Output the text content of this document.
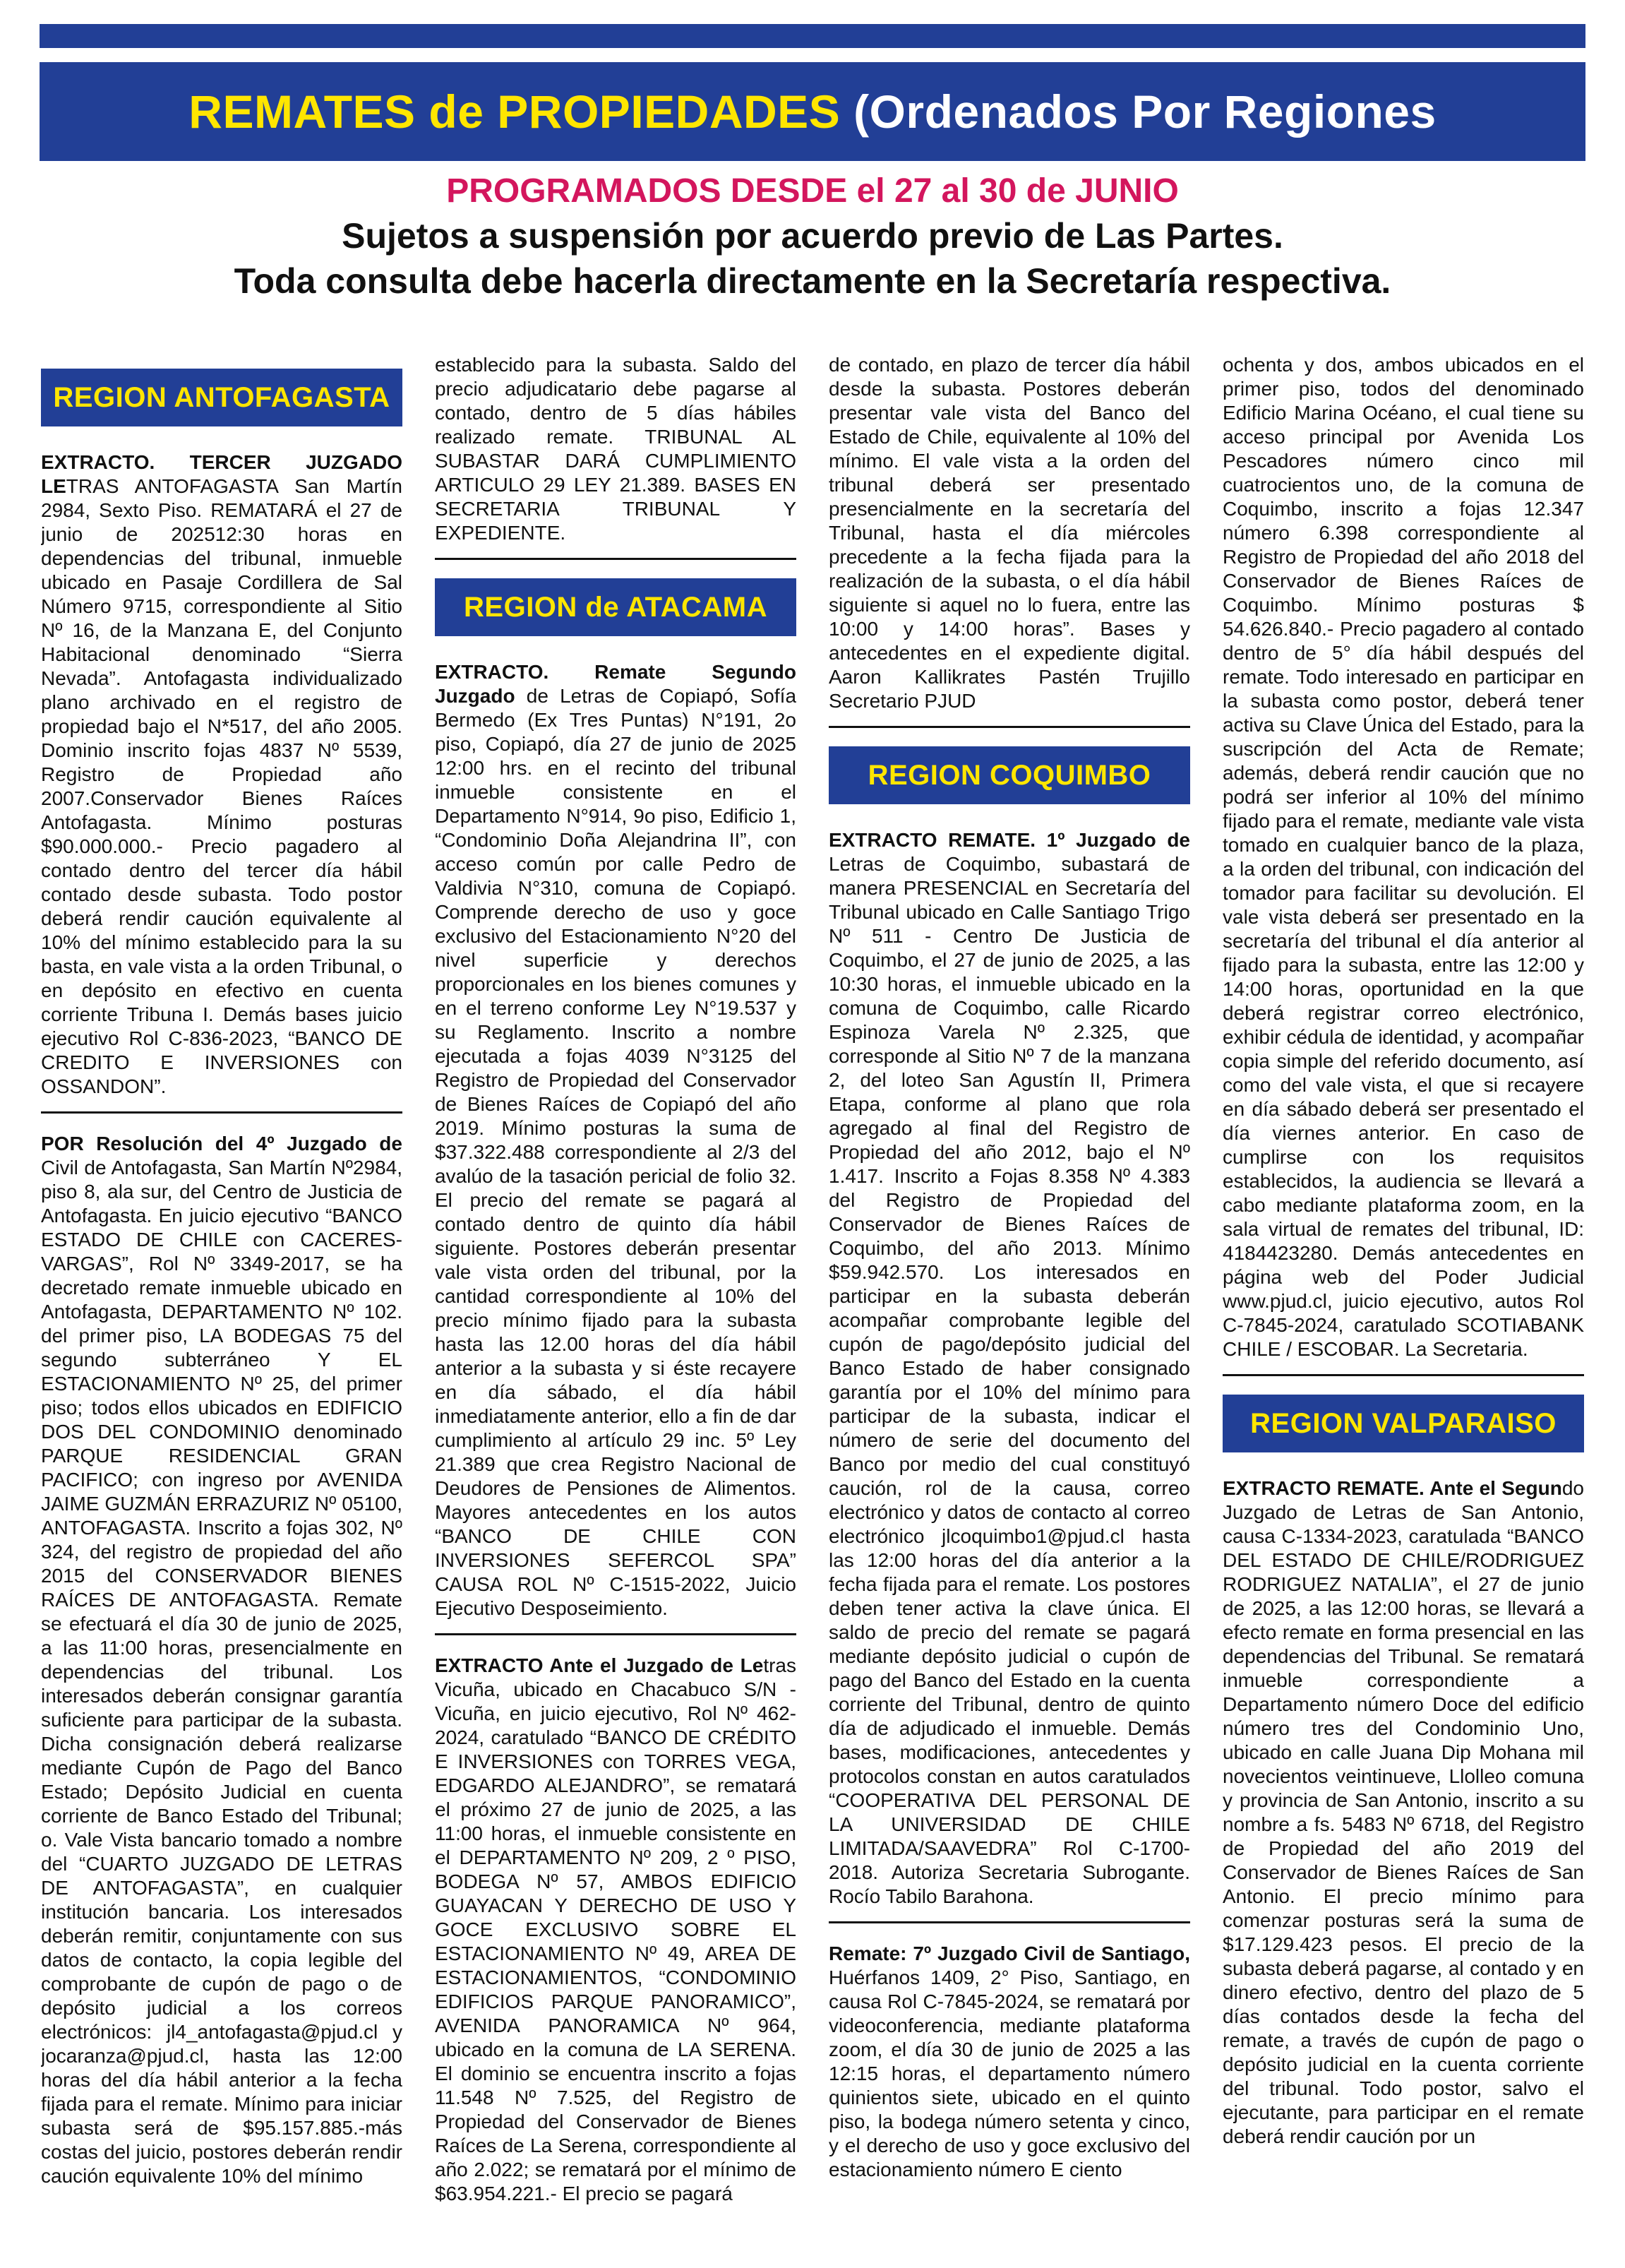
REMATES de PROPIEDADES (Ordenados Por Regiones
PROGRAMADOS DESDE el 27 al 30 de JUNIO
Sujetos a suspensión por acuerdo previo de Las Partes.
Toda consulta debe hacerla directamente en la Secretaría respectiva.
REGION ANTOFAGASTA

EXTRACTO. TERCER JUZGADO LETRAS ANTOFAGASTA San Martín 2984, Sexto Piso. REMATARÁ el 27 de junio de 202512:30 horas en dependencias del tribunal, inmueble ubicado en Pasaje Cordillera de Sal Número 9715, correspondiente al Sitio Nº 16, de la Manzana E, del Conjunto Habitacional denominado “Sierra Nevada”. Antofagasta individualizado plano archivado en el registro de propiedad bajo el N*517, del año 2005. Dominio inscrito fojas 4837 Nº 5539, Registro de Propiedad año 2007.Conservador Bienes Raíces Antofagasta. Mínimo posturas $90.000.000.- Precio pagadero al contado dentro del tercer día hábil contado desde subasta. Todo postor deberá rendir caución equivalente al 10% del mínimo establecido para la su basta, en vale vista a la orden Tribunal, o en depósito en efectivo en cuenta corriente Tribuna I. Demás bases juicio ejecutivo Rol C-836-2023, “BANCO DE CREDITO E INVERSIONES con OSSANDON”.

POR Resolución del 4º Juzgado de Civil de Antofagasta, San Martín Nº2984, piso 8, ala sur, del Centro de Justicia de Antofagasta. En juicio ejecutivo “BANCO ESTADO DE CHILE con CACERES-VARGAS”, Rol Nº 3349-2017, se ha decretado remate inmueble ubicado en Antofagasta, DEPARTAMENTO Nº 102. del primer piso, LA BODEGAS 75 del segundo subterráneo Y EL ESTACIONAMIENTO Nº 25, del primer piso; todos ellos ubicados en EDIFICIO DOS DEL CONDOMINIO denominado PARQUE RESIDENCIAL GRAN PACIFICO; con ingreso por AVENIDA JAIME GUZMÁN ERRAZURIZ Nº 05100, ANTOFAGASTA. Inscrito a fojas 302, Nº 324, del registro de propiedad del año 2015 del CONSERVADOR BIENES RAÍCES DE ANTOFAGASTA. Remate se efectuará el día 30 de junio de 2025, a las 11:00 horas, presencialmente en dependencias del tribunal. Los interesados deberán consignar garantía suficiente para participar de la subasta. Dicha consignación deberá realizarse mediante Cupón de Pago del Banco Estado; Depósito Judicial en cuenta corriente de Banco Estado del Tribunal; o. Vale Vista bancario tomado a nombre del “CUARTO JUZGADO DE LETRAS DE ANTOFAGASTA”, en cualquier institución bancaria. Los interesados deberán remitir, conjuntamente con sus datos de contacto, la copia legible del comprobante de cupón de pago o de depósito judicial a los correos electrónicos: jl4_antofagasta@pjud.cl y jocaranza@pjud.cl, hasta las 12:00 horas del día hábil anterior a la fecha fijada para el remate. Mínimo para iniciar subasta será de $95.157.885.-más costas del juicio, postores deberán rendir caución equivalente 10% del mínimo

establecido para la subasta. Saldo del precio adjudicatario debe pagarse al contado, dentro de 5 días hábiles realizado remate. TRIBUNAL AL SUBASTAR DARÁ CUMPLIMIENTO ARTICULO 29 LEY 21.389. BASES EN SECRETARIA TRIBUNAL Y EXPEDIENTE.

REGION de ATACAMA

EXTRACTO. Remate Segundo Juzgado de Letras de Copiapó, Sofía Bermedo (Ex Tres Puntas) N°191, 2o piso, Copiapó, día 27 de junio de 2025 12:00 hrs. en el recinto del tribunal inmueble consistente en el Departamento N°914, 9o piso, Edificio 1, “Condominio Doña Alejandrina II”, con acceso común por calle Pedro de Valdivia N°310, comuna de Copiapó. Comprende derecho de uso y goce exclusivo del Estacionamiento N°20 del nivel superficie y derechos proporcionales en los bienes comunes y en el terreno conforme Ley N°19.537 y su Reglamento. Inscrito a nombre ejecutada a fojas 4039 N°3125 del Registro de Propiedad del Conservador de Bienes Raíces de Copiapó del año 2019. Mínimo posturas la suma de $37.322.488 correspondiente al 2/3 del avalúo de la tasación pericial de folio 32. El precio del remate se pagará al contado dentro de quinto día hábil siguiente. Postores deberán presentar vale vista orden del tribunal, por la cantidad correspondiente al 10% del precio mínimo fijado para la subasta hasta las 12.00 horas del día hábil anterior a la subasta y si éste recayere en día sábado, el día hábil inmediatamente anterior, ello a fin de dar cumplimiento al artículo 29 inc. 5º Ley 21.389 que crea Registro Nacional de Deudores de Pensiones de Alimentos. Mayores antecedentes en los autos “BANCO DE CHILE CON INVERSIONES SEFERCOL SPA” CAUSA ROL Nº C-1515-2022, Juicio Ejecutivo Desposeimiento.

EXTRACTO Ante el Juzgado de Letras Vicuña, ubicado en Chacabuco S/N - Vicuña, en juicio ejecutivo, Rol Nº 462-2024, caratulado “BANCO DE CRÉDITO E INVERSIONES con TORRES VEGA, EDGARDO ALEJANDRO”, se rematará el próximo 27 de junio de 2025, a las 11:00 horas, el inmueble consistente en el DEPARTAMENTO Nº 209, 2 º PISO, BODEGA Nº 57, AMBOS EDIFICIO GUAYACAN Y DERECHO DE USO Y GOCE EXCLUSIVO SOBRE EL ESTACIONAMIENTO Nº 49, AREA DE ESTACIONAMIENTOS, “CONDOMINIO EDIFICIOS PARQUE PANORAMICO”, AVENIDA PANORAMICA Nº 964, ubicado en la comuna de LA SERENA. El dominio se encuentra inscrito a fojas 11.548 Nº 7.525, del Registro de Propiedad del Conservador de Bienes Raíces de La Serena, correspondiente al año 2.022; se rematará por el mínimo de $63.954.221.- El precio se pagará

de contado, en plazo de tercer día hábil desde la subasta. Postores deberán presentar vale vista del Banco del Estado de Chile, equivalente al 10% del mínimo. El vale vista a la orden del tribunal deberá ser presentado presencialmente en la secretaría del Tribunal, hasta el día miércoles precedente a la fecha fijada para la realización de la subasta, o el día hábil siguiente si aquel no lo fuera, entre las 10:00 y 14:00 horas”. Bases y antecedentes en el expediente digital. Aaron Kallikrates Pastén Trujillo Secretario PJUD

REGION COQUIMBO

EXTRACTO REMATE. 1º Juzgado de Letras de Coquimbo, subastará de manera PRESENCIAL en Secretaría del Tribunal ubicado en Calle Santiago Trigo Nº 511 - Centro De Justicia de Coquimbo, el 27 de junio de 2025, a las 10:30 horas, el inmueble ubicado en la comuna de Coquimbo, calle Ricardo Espinoza Varela Nº 2.325, que corresponde al Sitio Nº 7 de la manzana 2, del loteo San Agustín II, Primera Etapa, conforme al plano que rola agregado al final del Registro de Propiedad del año 2012, bajo el Nº 1.417. Inscrito a Fojas 8.358 Nº 4.383 del Registro de Propiedad del Conservador de Bienes Raíces de Coquimbo, del año 2013. Mínimo $59.942.570. Los interesados en participar en la subasta deberán acompañar comprobante legible del cupón de pago/depósito judicial del Banco Estado de haber consignado garantía por el 10% del mínimo para participar de la subasta, indicar el número de serie del documento del Banco por medio del cual constituyó caución, rol de la causa, correo electrónico y datos de contacto al correo electrónico jlcoquimbo1@pjud.cl hasta las 12:00 horas del día anterior a la fecha fijada para el remate. Los postores deben tener activa la clave única. El saldo de precio del remate se pagará mediante depósito judicial o cupón de pago del Banco del Estado en la cuenta corriente del Tribunal, dentro de quinto día de adjudicado el inmueble. Demás bases, modificaciones, antecedentes y protocolos constan en autos caratulados “COOPERATIVA DEL PERSONAL DE LA UNIVERSIDAD DE CHILE LIMITADA/SAAVEDRA” Rol C-1700-2018. Autoriza Secretaria Subrogante. Rocío Tabilo Barahona.

Remate: 7º Juzgado Civil de Santiago, Huérfanos 1409, 2° Piso, Santiago, en causa Rol C-7845-2024, se rematará por videoconferencia, mediante plataforma zoom, el día 30 de junio de 2025 a las 12:15 horas, el departamento número quinientos siete, ubicado en el quinto piso, la bodega número setenta y cinco, y el derecho de uso y goce exclusivo del estacionamiento número E ciento

ochenta y dos, ambos ubicados en el primer piso, todos del denominado Edificio Marina Océano, el cual tiene su acceso principal por Avenida Los Pescadores número cinco mil cuatrocientos uno, de la comuna de Coquimbo, inscrito a fojas 12.347 número 6.398 correspondiente al Registro de Propiedad del año 2018 del Conservador de Bienes Raíces de Coquimbo. Mínimo posturas $ 54.626.840.- Precio pagadero al contado dentro de 5° día hábil después del remate. Todo interesado en participar en la subasta como postor, deberá tener activa su Clave Única del Estado, para la suscripción del Acta de Remate; además, deberá rendir caución que no podrá ser inferior al 10% del mínimo fijado para el remate, mediante vale vista tomado en cualquier banco de la plaza, a la orden del tribunal, con indicación del tomador para facilitar su devolución. El vale vista deberá ser presentado en la secretaría del tribunal el día anterior al fijado para la subasta, entre las 12:00 y 14:00 horas, oportunidad en la que deberá registrar correo electrónico, exhibir cédula de identidad, y acompañar copia simple del referido documento, así como del vale vista, el que si recayere en día sábado deberá ser presentado el día viernes anterior. En caso de cumplirse con los requisitos establecidos, la audiencia se llevará a cabo mediante plataforma zoom, en la sala virtual de remates del tribunal, ID: 4184423280. Demás antecedentes en página web del Poder Judicial www.pjud.cl, juicio ejecutivo, autos Rol C-7845-2024, caratulado SCOTIABANK CHILE / ESCOBAR. La Secretaria.

REGION VALPARAISO

EXTRACTO REMATE. Ante el Segundo Juzgado de Letras de San Antonio, causa C-1334-2023, caratulada “BANCO DEL ESTADO DE CHILE/RODRIGUEZ RODRIGUEZ NATALIA”, el 27 de junio de 2025, a las 12:00 horas, se llevará a efecto remate en forma presencial en las dependencias del Tribunal. Se rematará inmueble correspondiente a Departamento número Doce del edificio número tres del Condominio Uno, ubicado en calle Juana Dip Mohana mil novecientos veintinueve, Llolleo comuna y provincia de San Antonio, inscrito a su nombre a fs. 5483 Nº 6718, del Registro de Propiedad del año 2019 del Conservador de Bienes Raíces de San Antonio. El precio mínimo para comenzar posturas será la suma de $17.129.423 pesos. El precio de la subasta deberá pagarse, al contado y en dinero efectivo, dentro del plazo de 5 días contados desde la fecha del remate, a través de cupón de pago o depósito judicial en la cuenta corriente del tribunal. Todo postor, salvo el ejecutante, para participar en el remate deberá rendir caución por un
